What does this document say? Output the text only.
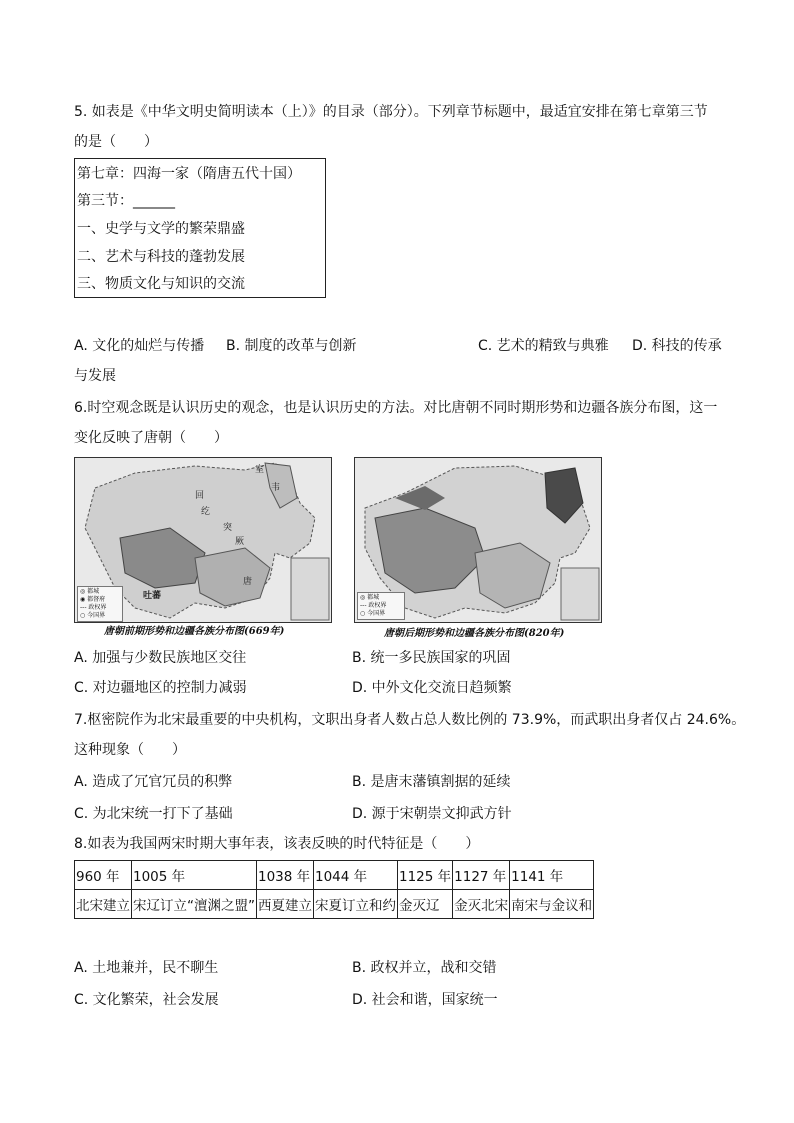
5. 如表是《中华文明史简明读本（上）》的目录（部分）。下列章节标题中，最适宜安排在第七章第三节
的是（　　）
第七章：四海一家（隋唐五代十国）
第三节：______
一、史学与文学的繁荣鼎盛
二、艺术与科技的蓬勃发展
三、物质文化与知识的交流
A. 文化的灿烂与传播 B. 制度的改革与创新	C. 艺术的精致与典雅 D. 科技的传承
与发展
6.时空观念既是认识历史的观念，也是认识历史的方法。对比唐朝不同时期形势和边疆各族分布图，这一
变化反映了唐朝（　　）
室
回
纥
突
厥
吐蕃
唐
韦
◎ 都城
◉ 都督府
--- 政权界
○ 今国界
唐朝前期形势和边疆各族分布图(669年)
◎ 都城
--- 政权界
○ 今国界
唐朝后期形势和边疆各族分布图(820年)
A. 加强与少数民族地区交往	B. 统一多民族国家的巩固
C. 对边疆地区的控制力减弱	D. 中外文化交流日趋频繁
7.枢密院作为北宋最重要的中央机构，文职出身者人数占总人数比例的 73.9%，而武职出身者仅占 24.6%。
这种现象（　　）
A. 造成了冗官冗员的积弊	B. 是唐末藩镇割据的延续
C. 为北宋统一打下了基础	D. 源于宋朝崇文抑武方针
8.如表为我国两宋时期大事年表，该表反映的时代特征是（　　）
960 年	1005 年	1038 年	1044 年	1125 年	1127 年	1141 年
北宋建立	宋辽订立“澶渊之盟”	西夏建立	宋夏订立和约	金灭辽	金灭北宋	南宋与金议和
A. 土地兼并，民不聊生	B. 政权并立，战和交错
C. 文化繁荣，社会发展	D. 社会和谐，国家统一
